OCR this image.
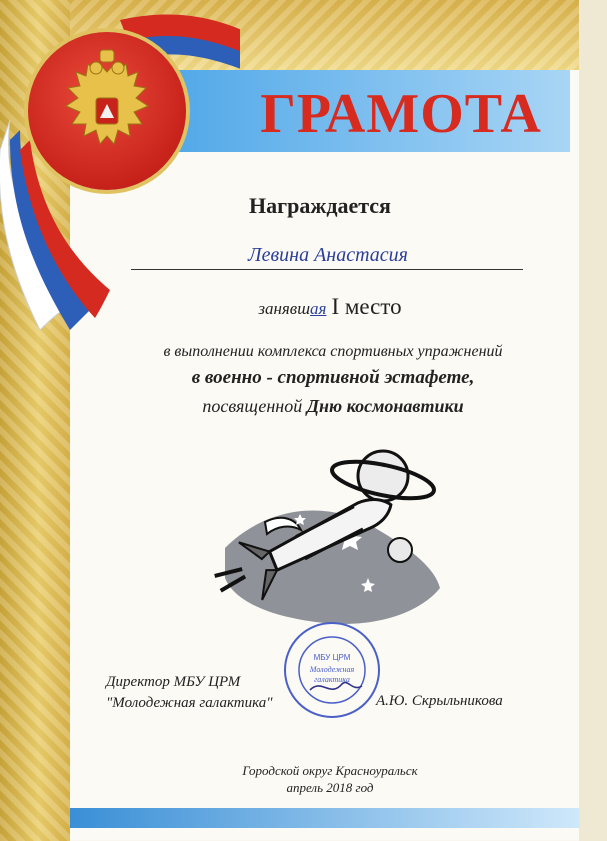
ГРАМОТА
Награждается
Левина Анастасия
занявшая I место
в выполнении комплекса спортивных упражнений
в военно - спортивной эстафете,
посвященной Дню космонавтики
Директор МБУ ЦРМ
"Молодежная галактика"
МБУ ЦРМ
Молодежная
галактика
А.Ю. Скрыльникова
Городской округ Красноуральск
апрель 2018 год
